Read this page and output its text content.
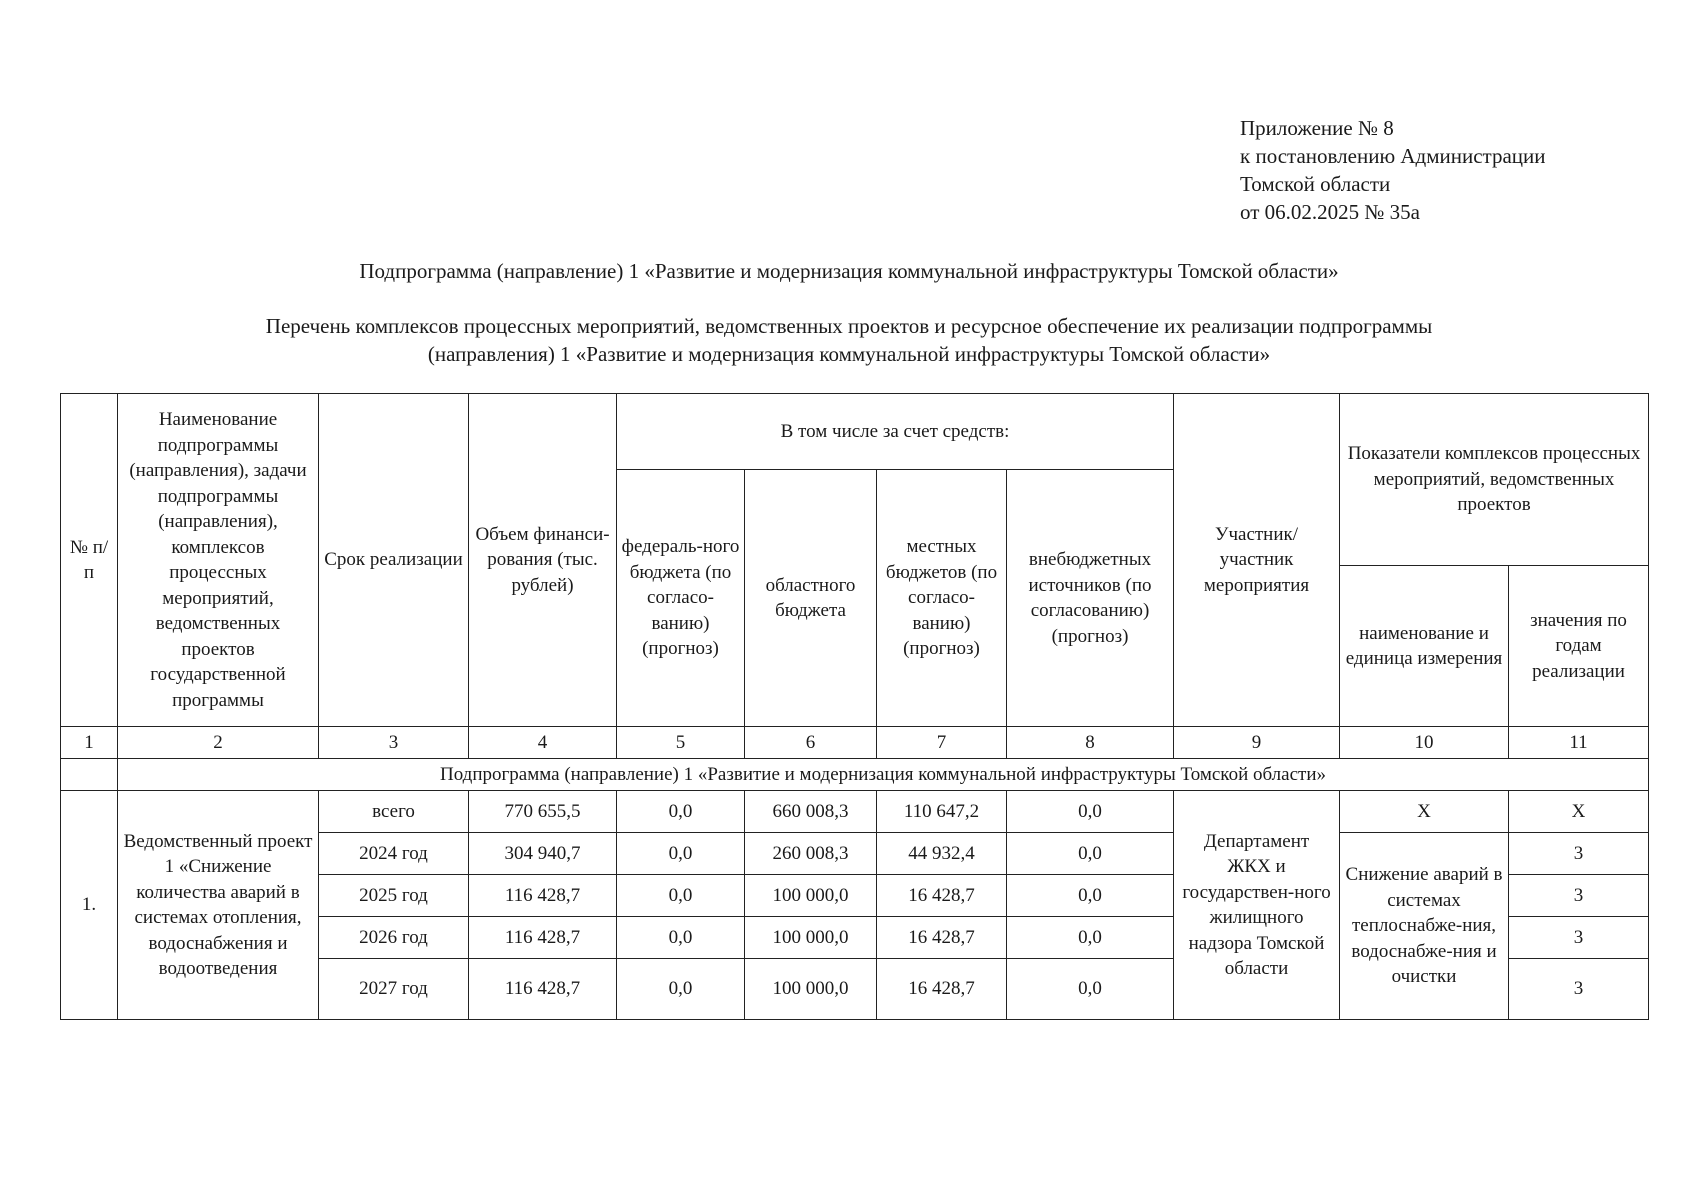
Приложение № 8
к постановлению Администрации
Томской области
от 06.02.2025 № 35а
Подпрограмма (направление) 1 «Развитие и модернизация коммунальной инфраструктуры Томской области»
Перечень комплексов процессных мероприятий, ведомственных проектов и ресурсное обеспечение их реализации подпрограммы
(направления) 1 «Развитие и модернизация коммунальной инфраструктуры Томской области»
№ п/п	Наименование подпрограммы (направления), задачи подпрограммы (направления), комплексов процессных мероприятий, ведомственных проектов государственной программы	Срок реализации	Объем финанси-рования (тыс. рублей)	В том числе за счет средств:				Участник/ участник мероприятия	Показатели комплексов процессных мероприятий, ведомственных проектов	
				федераль-ного бюджета (по согласо-ванию) (прогноз)	областного бюджета	местных бюджетов (по согласо-ванию) (прогноз)	внебюджетных источников (по согласованию) (прогноз)			
									наименование и единица измерения	значения по годам реализации
1	2	3	4	5	6	7	8	9	10	11
	Подпрограмма (направление) 1 «Развитие и модернизация коммунальной инфраструктуры Томской области»									
1.	Ведомственный проект 1 «Снижение количества аварий в системах отопления, водоснабжения и водоотведения	всего	770 655,5	0,0	660 008,3	110 647,2	0,0	Департамент ЖКХ и государствен-ного жилищного надзора Томской области	Х	Х
		2024 год	304 940,7	0,0	260 008,3	44 932,4	0,0		Снижение аварий в системах теплоснабже-ния, водоснабже-ния и очистки	3
		2025 год	116 428,7	0,0	100 000,0	16 428,7	0,0			3
		2026 год	116 428,7	0,0	100 000,0	16 428,7	0,0			3
		2027 год	116 428,7	0,0	100 000,0	16 428,7	0,0			3
